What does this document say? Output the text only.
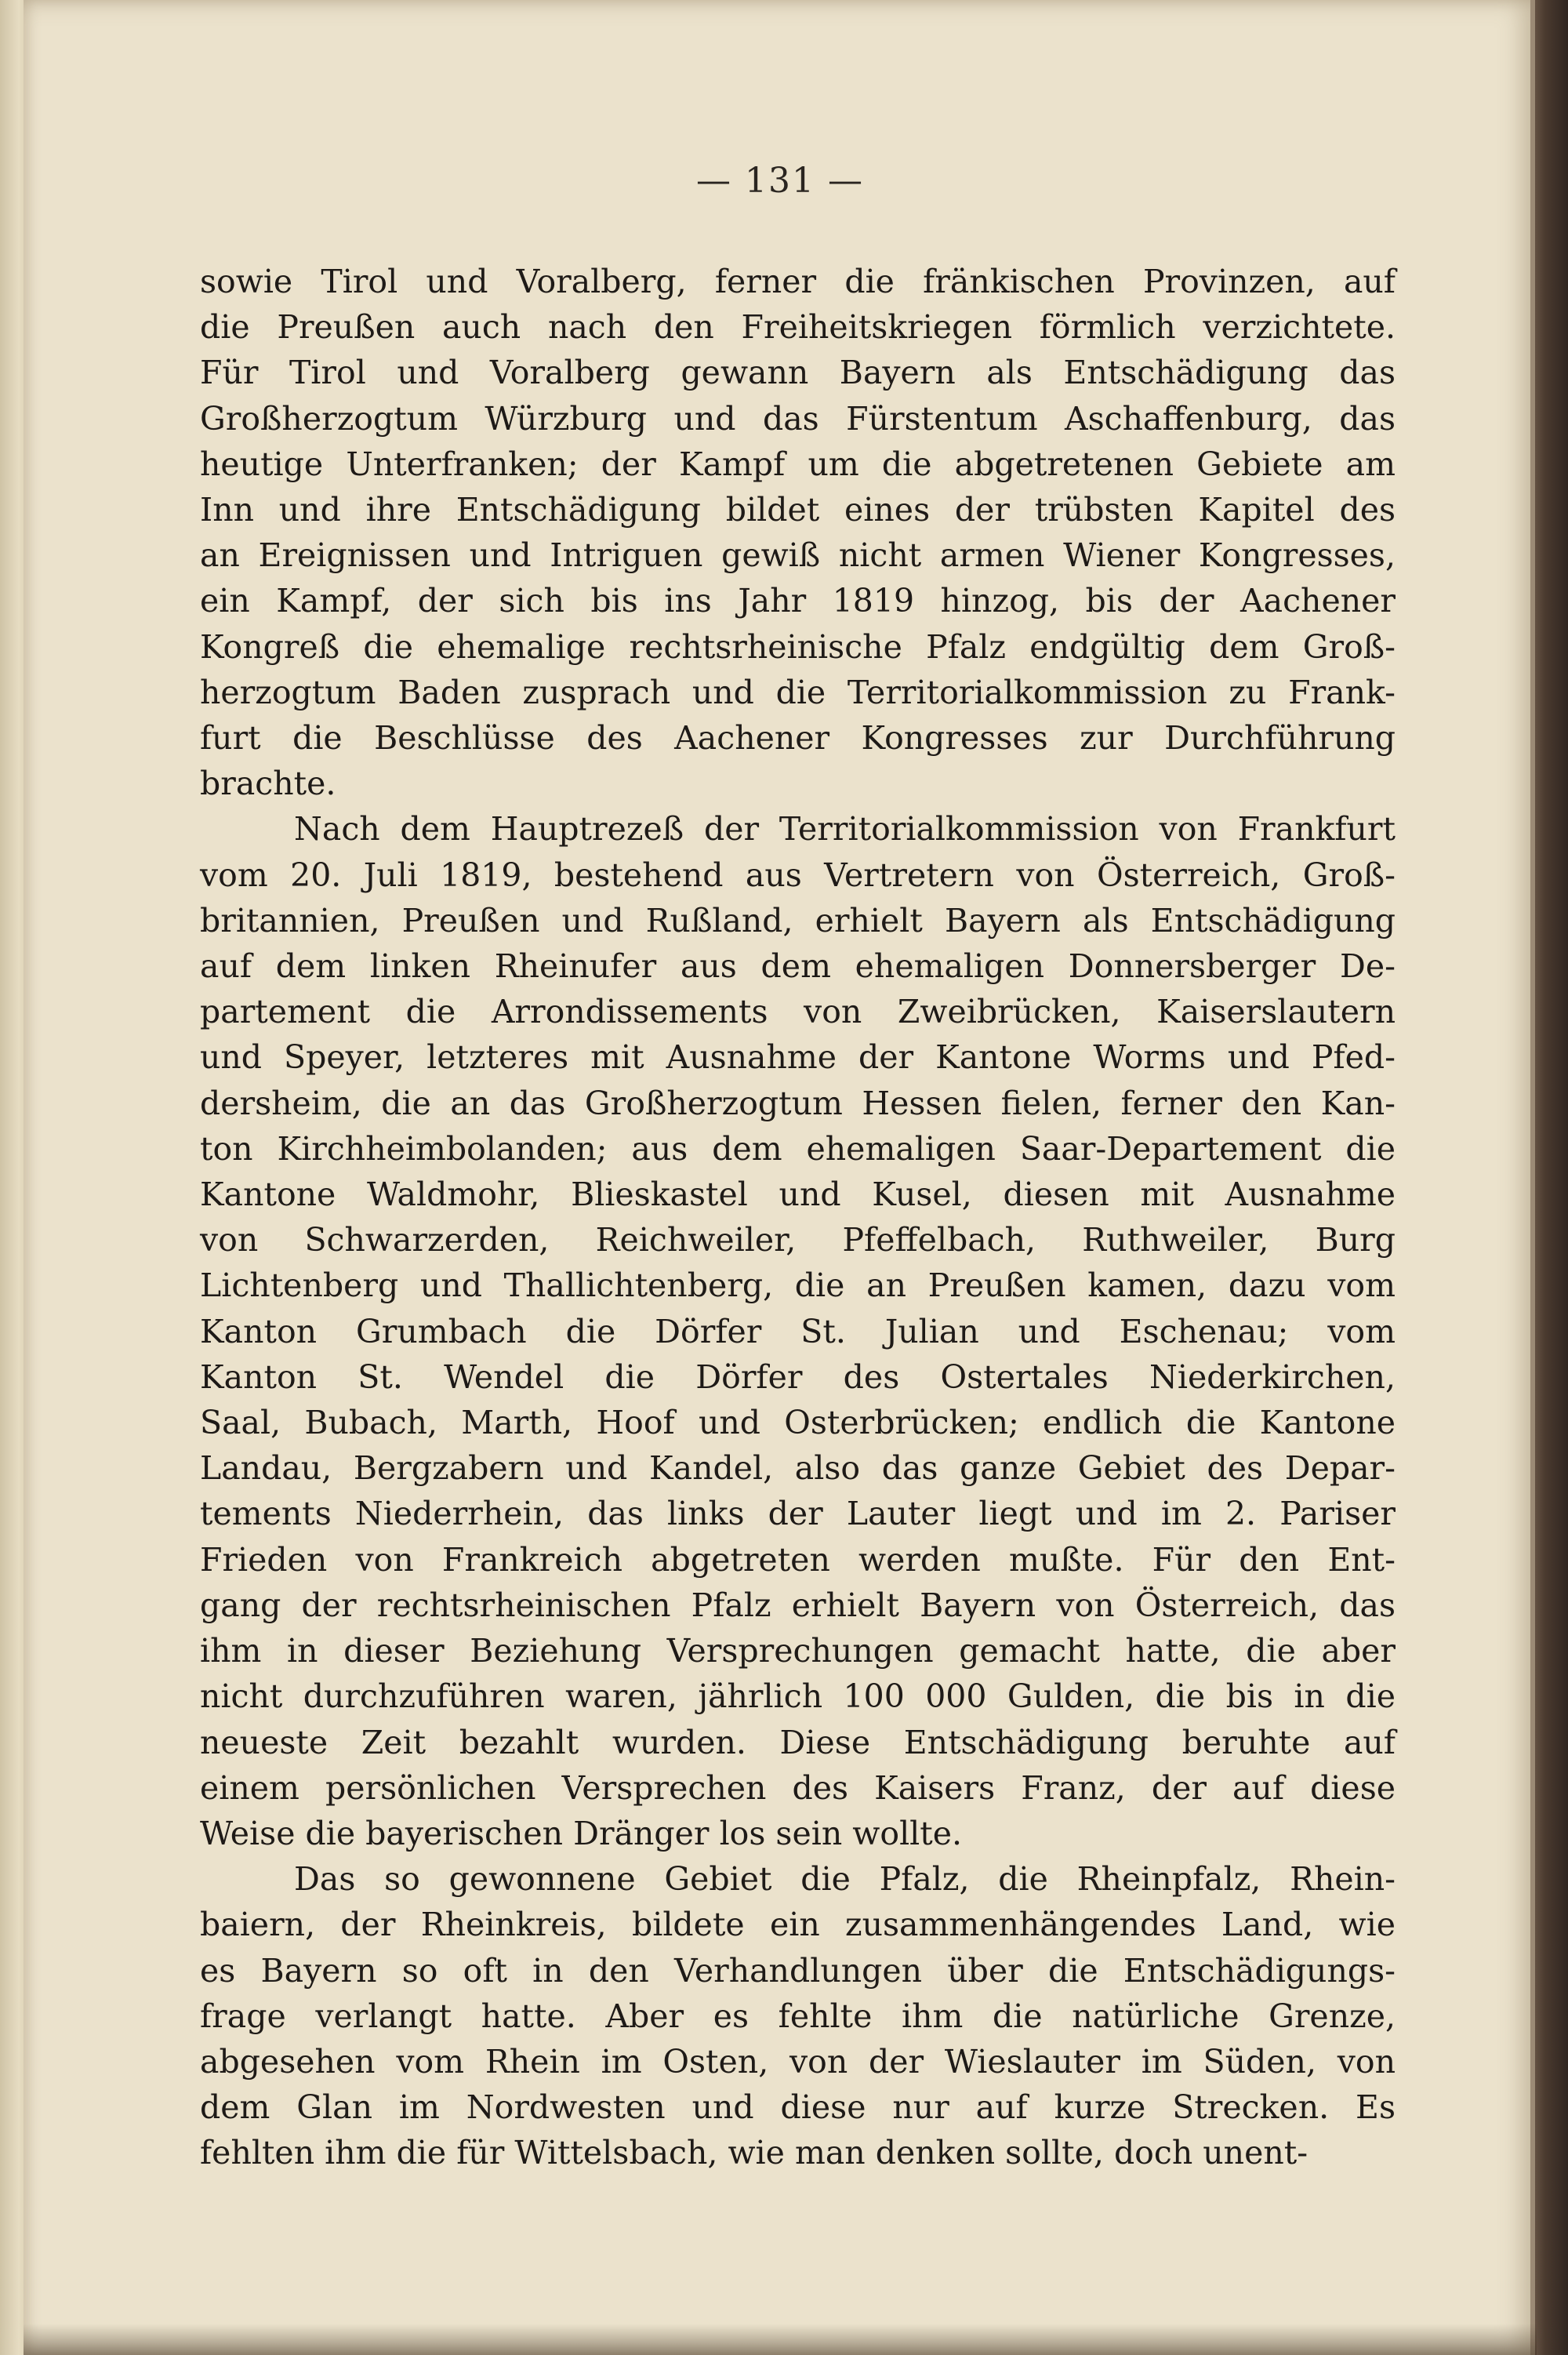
— 131 —
sowie Tirol und Voralberg, ferner die fränkischen Provinzen, auf
die Preußen auch nach den Freiheitskriegen förmlich verzichtete.
Für Tirol und Voralberg gewann Bayern als Entschädigung das
Großherzogtum Würzburg und das Fürstentum Aschaffenburg, das
heutige Unterfranken; der Kampf um die abgetretenen Gebiete am
Inn und ihre Entschädigung bildet eines der trübsten Kapitel des
an Ereignissen und Intriguen gewiß nicht armen Wiener Kongresses,
ein Kampf, der sich bis ins Jahr 1819 hinzog, bis der Aachener
Kongreß die ehemalige rechtsrheinische Pfalz endgültig dem Groß-
herzogtum Baden zusprach und die Territorialkommission zu Frank-
furt die Beschlüsse des Aachener Kongresses zur Durchführung
brachte.
Nach dem Hauptrezeß der Territorialkommission von Frankfurt
vom 20. Juli 1819, bestehend aus Vertretern von Österreich, Groß-
britannien, Preußen und Rußland, erhielt Bayern als Entschädigung
auf dem linken Rheinufer aus dem ehemaligen Donnersberger De-
partement die Arrondissements von Zweibrücken, Kaiserslautern
und Speyer, letzteres mit Ausnahme der Kantone Worms und Pfed-
dersheim, die an das Großherzogtum Hessen fielen, ferner den Kan-
ton Kirchheimbolanden; aus dem ehemaligen Saar-Departement die
Kantone Waldmohr, Blieskastel und Kusel, diesen mit Ausnahme
von Schwarzerden, Reichweiler, Pfeffelbach, Ruthweiler, Burg
Lichtenberg und Thallichtenberg, die an Preußen kamen, dazu vom
Kanton Grumbach die Dörfer St. Julian und Eschenau; vom
Kanton St. Wendel die Dörfer des Ostertales Niederkirchen,
Saal, Bubach, Marth, Hoof und Osterbrücken; endlich die Kantone
Landau, Bergzabern und Kandel, also das ganze Gebiet des Depar-
tements Niederrhein, das links der Lauter liegt und im 2. Pariser
Frieden von Frankreich abgetreten werden mußte. Für den Ent-
gang der rechtsrheinischen Pfalz erhielt Bayern von Österreich, das
ihm in dieser Beziehung Versprechungen gemacht hatte, die aber
nicht durchzuführen waren, jährlich 100 000 Gulden, die bis in die
neueste Zeit bezahlt wurden. Diese Entschädigung beruhte auf
einem persönlichen Versprechen des Kaisers Franz, der auf diese
Weise die bayerischen Dränger los sein wollte.
Das so gewonnene Gebiet die Pfalz, die Rheinpfalz, Rhein-
baiern, der Rheinkreis, bildete ein zusammenhängendes Land, wie
es Bayern so oft in den Verhandlungen über die Entschädigungs-
frage verlangt hatte. Aber es fehlte ihm die natürliche Grenze,
abgesehen vom Rhein im Osten, von der Wieslauter im Süden, von
dem Glan im Nordwesten und diese nur auf kurze Strecken. Es
fehlten ihm die für Wittelsbach, wie man denken sollte, doch unent-
